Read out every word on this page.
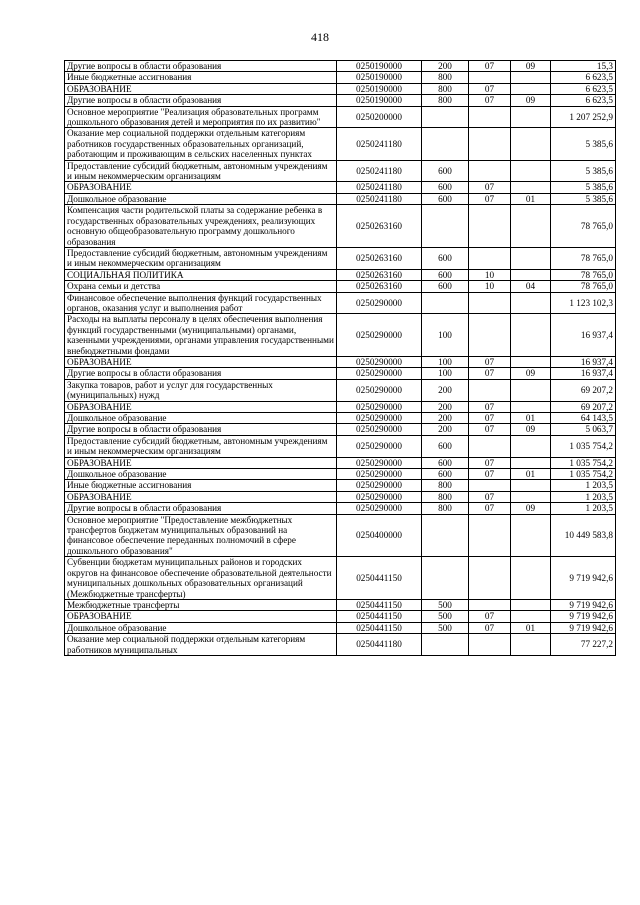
418
Другие вопросы в области образования	0250190000	200	07	09	15,3
Иные бюджетные ассигнования	0250190000	800			6 623,5
ОБРАЗОВАНИЕ	0250190000	800	07		6 623,5
Другие вопросы в области образования	0250190000	800	07	09	6 623,5
Основное мероприятие "Реализация образовательных программ дошкольного образования детей и мероприятия по их развитию"	0250200000				1 207 252,9
Оказание мер социальной поддержки отдельным категориям работников государственных образовательных организаций, работающим и проживающим в сельских населенных пунктах	0250241180				5 385,6
Предоставление субсидий бюджетным, автономным учреждениям и иным некоммерческим организациям	0250241180	600			5 385,6
ОБРАЗОВАНИЕ	0250241180	600	07		5 385,6
Дошкольное образование	0250241180	600	07	01	5 385,6
Компенсация части родительской платы за содержание ребенка в государственных образовательных учреждениях, реализующих основную общеобразовательную программу дошкольного образования	0250263160				78 765,0
Предоставление субсидий бюджетным, автономным учреждениям и иным некоммерческим организациям	0250263160	600			78 765,0
СОЦИАЛЬНАЯ ПОЛИТИКА	0250263160	600	10		78 765,0
Охрана семьи и детства	0250263160	600	10	04	78 765,0
Финансовое обеспечение выполнения функций государственных органов, оказания услуг и выполнения работ	0250290000				1 123 102,3
Расходы на выплаты персоналу в целях обеспечения выполнения функций государственными (муниципальными) органами, казенными учреждениями, органами управления государственными внебюджетными фондами	0250290000	100			16 937,4
ОБРАЗОВАНИЕ	0250290000	100	07		16 937,4
Другие вопросы в области образования	0250290000	100	07	09	16 937,4
Закупка товаров, работ и услуг для государственных (муниципальных) нужд	0250290000	200			69 207,2
ОБРАЗОВАНИЕ	0250290000	200	07		69 207,2
Дошкольное образование	0250290000	200	07	01	64 143,5
Другие вопросы в области образования	0250290000	200	07	09	5 063,7
Предоставление субсидий бюджетным, автономным учреждениям и иным некоммерческим организациям	0250290000	600			1 035 754,2
ОБРАЗОВАНИЕ	0250290000	600	07		1 035 754,2
Дошкольное образование	0250290000	600	07	01	1 035 754,2
Иные бюджетные ассигнования	0250290000	800			1 203,5
ОБРАЗОВАНИЕ	0250290000	800	07		1 203,5
Другие вопросы в области образования	0250290000	800	07	09	1 203,5
Основное мероприятие "Предоставление межбюджетных трансфертов бюджетам муниципальных образований на финансовое обеспечение переданных полномочий в сфере дошкольного образования"	0250400000				10 449 583,8
Субвенции бюджетам муниципальных районов и городских округов на финансовое обеспечение образовательной деятельности муниципальных дошкольных образовательных организаций (Межбюджетные трансферты)	0250441150				9 719 942,6
Межбюджетные трансферты	0250441150	500			9 719 942,6
ОБРАЗОВАНИЕ	0250441150	500	07		9 719 942,6
Дошкольное образование	0250441150	500	07	01	9 719 942,6
Оказание мер социальной поддержки отдельным категориям работников муниципальных	0250441180				77 227,2
